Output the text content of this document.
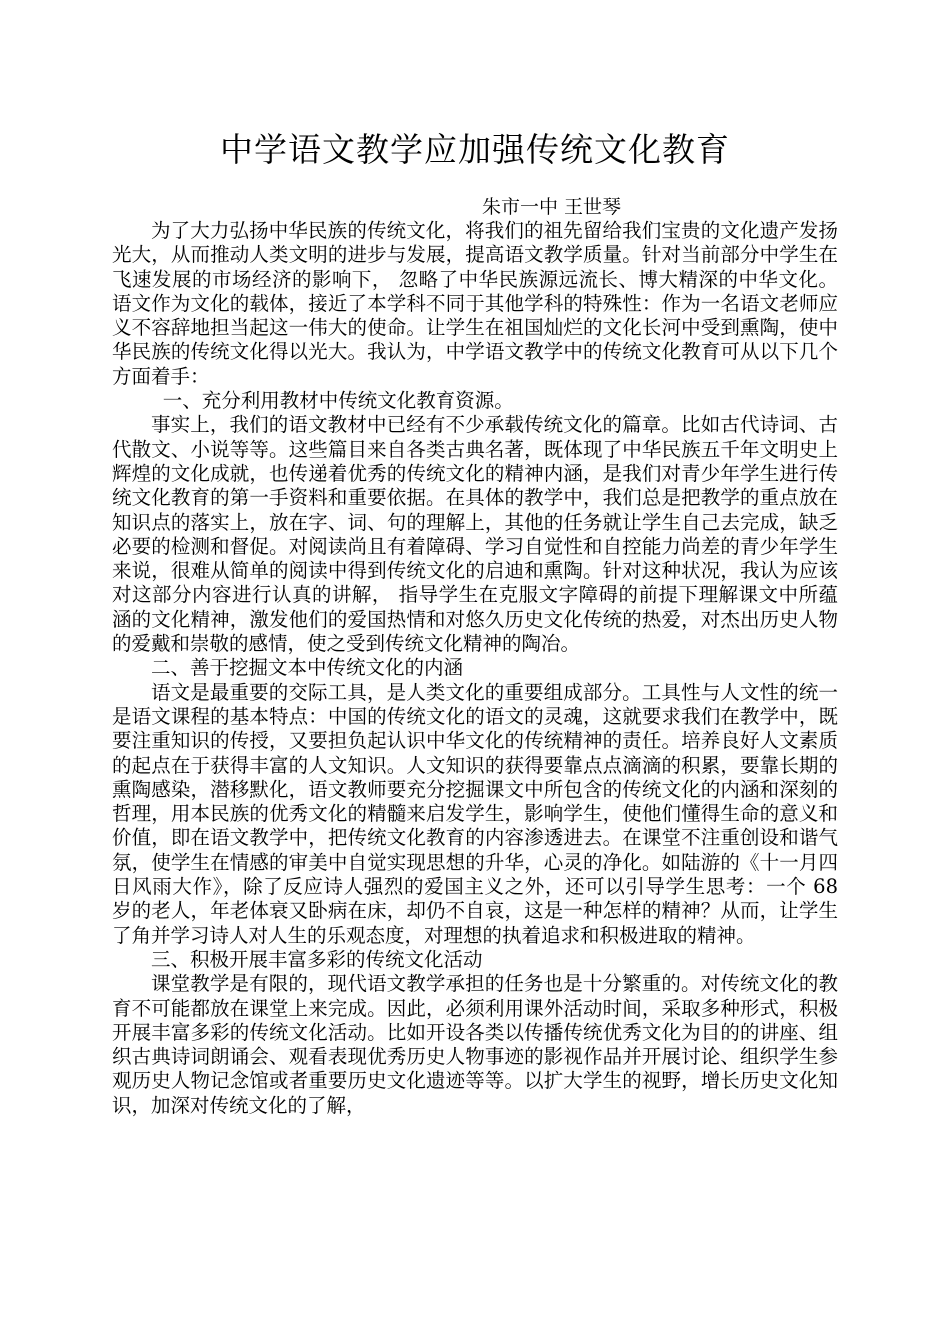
中学语文教学应加强传统文化教育

朱市一中 王世琴

为了大力弘扬中华民族的传统文化，将我们的祖先留给我们宝贵的文化遗产发扬光大，从而推动人类文明的进步与发展，提高语文教学质量。针对当前部分中学生在飞速发展的市场经济的影响下， 忽略了中华民族源远流长、博大精深的中华文化。语文作为文化的载体，接近了本学科不同于其他学科的特殊性：作为一名语文老师应义不容辞地担当起这一伟大的使命。让学生在祖国灿烂的文化长河中受到熏陶，使中华民族的传统文化得以光大。我认为，中学语文教学中的传统文化教育可从以下几个方面着手：

一、充分利用教材中传统文化教育资源。

事实上，我们的语文教材中已经有不少承载传统文化的篇章。比如古代诗词、古代散文、小说等等。这些篇目来自各类古典名著，既体现了中华民族五千年文明史上辉煌的文化成就，也传递着优秀的传统文化的精神内涵，是我们对青少年学生进行传统文化教育的第一手资料和重要依据。在具体的教学中，我们总是把教学的重点放在知识点的落实上，放在字、词、句的理解上，其他的任务就让学生自己去完成，缺乏必要的检测和督促。对阅读尚且有着障碍、学习自觉性和自控能力尚差的青少年学生来说，很难从简单的阅读中得到传统文化的启迪和熏陶。针对这种状况，我认为应该对这部分内容进行认真的讲解， 指导学生在克服文字障碍的前提下理解课文中所蕴涵的文化精神，激发他们的爱国热情和对悠久历史文化传统的热爱，对杰出历史人物的爱戴和崇敬的感情，使之受到传统文化精神的陶冶。

二、善于挖掘文本中传统文化的内涵

语文是最重要的交际工具，是人类文化的重要组成部分。工具性与人文性的统一是语文课程的基本特点：中国的传统文化的语文的灵魂，这就要求我们在教学中，既要注重知识的传授，又要担负起认识中华文化的传统精神的责任。培养良好人文素质的起点在于获得丰富的人文知识。人文知识的获得要靠点点滴滴的积累，要靠长期的熏陶感染，潜移默化，语文教师要充分挖掘课文中所包含的传统文化的内涵和深刻的哲理，用本民族的优秀文化的精髓来启发学生，影响学生，使他们懂得生命的意义和价值，即在语文教学中，把传统文化教育的内容渗透进去。在课堂不注重创设和谐气氛，使学生在情感的审美中自觉实现思想的升华，心灵的净化。如陆游的《十一月四日风雨大作》，除了反应诗人强烈的爱国主义之外，还可以引导学生思考：一个 68 岁的老人，年老体衰又卧病在床，却仍不自哀，这是一种怎样的精神？从而，让学生了角并学习诗人对人生的乐观态度，对理想的执着追求和积极进取的精神。

三、积极开展丰富多彩的传统文化活动

课堂教学是有限的，现代语文教学承担的任务也是十分繁重的。对传统文化的教育不可能都放在课堂上来完成。因此，必须利用课外活动时间，采取多种形式，积极开展丰富多彩的传统文化活动。比如开设各类以传播传统优秀文化为目的的讲座、组织古典诗词朗诵会、观看表现优秀历史人物事迹的影视作品并开展讨论、组织学生参观历史人物记念馆或者重要历史文化遗迹等等。以扩大学生的视野，增长历史文化知识，加深对传统文化的了解，
